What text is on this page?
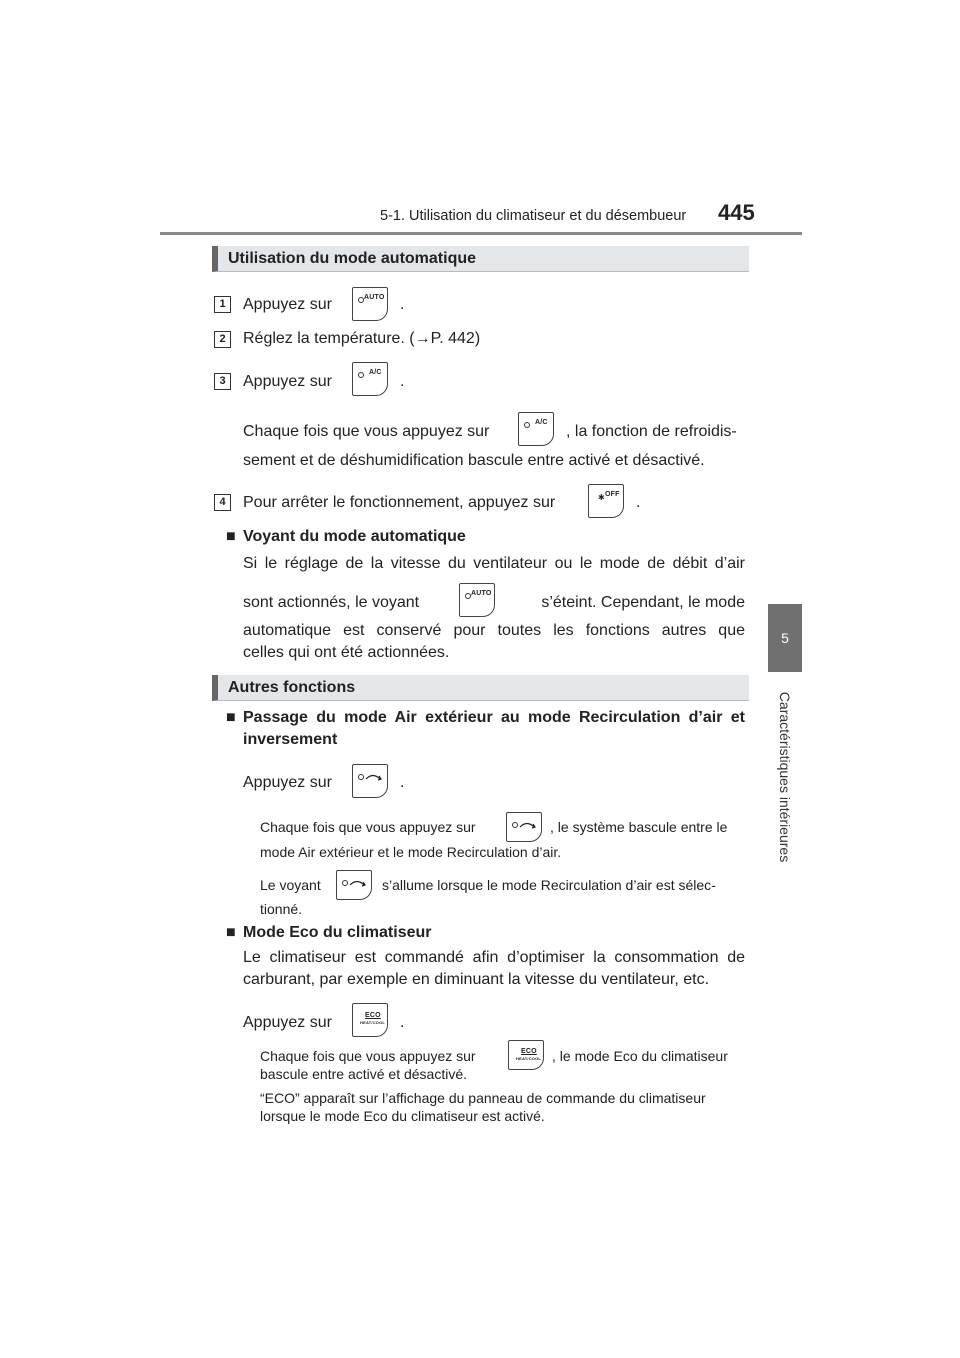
5-1. Utilisation du climatiseur et du désembueur 445
5
Caractéristiques intérieures
Utilisation du mode automatique
1	Appuyez sur	AUTO .
2	Réglez la température. (→P. 442)
3	Appuyez sur
A/C
.
Chaque fois que vous appuyez sur
A/C
, la fonction de refroidis-
sement et de déshumidification bascule entre activé et désactivé.
4	Pour arrêter le fonctionnement, appuyez sur	✱ OFF .
■ Voyant du mode automatique
Si le réglage de la vitesse du ventilateur ou le mode de débit d’air
sont actionnés, le voyant
AUTO
s’éteint. Cependant, le mode
automatique est conservé pour toutes les fonctions autres que
celles qui ont été actionnées.
Autres fonctions
■ Passage du mode Air extérieur au mode Recirculation d’air et
inversement
Appuyez sur	.
Chaque fois que vous appuyez sur	, le système bascule entre le
mode Air extérieur et le mode Recirculation d’air.
Le voyant	s’allume lorsque le mode Recirculation d’air est sélec-
tionné.
■ Mode Eco du climatiseur
Le climatiseur est commandé afin d’optimiser la consommation de
carburant, par exemple en diminuant la vitesse du ventilateur, etc.
Appuyez sur	ECO
HEAT/COOL .
Chaque fois que vous appuyez sur	ECO
HEAT/COOL , le mode Eco du climatiseur
bascule entre activé et désactivé.
“ECO” apparaît sur l’affichage du panneau de commande du climatiseur
lorsque le mode Eco du climatiseur est activé.
